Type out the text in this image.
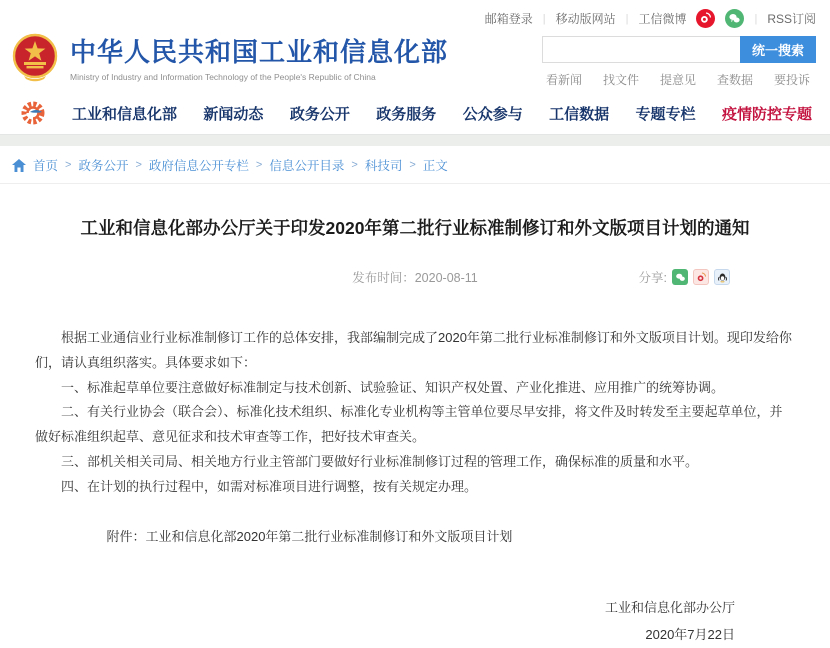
邮箱登录 | 移动版网站 | 工信微博	| RSS订阅
中华人民共和国工业和信息化部
Ministry of Industry and Information Technology of the People's Republic of China
统一搜索
看新闻 找文件 提意见 查数据 要投诉
工业和信息化部 新闻动态 政务公开 政务服务 公众参与 工信数据 专题专栏 疫情防控专题
首页 > 政务公开 > 政府信息公开专栏 > 信息公开目录 > 科技司 > 正文
工业和信息化部办公厅关于印发2020年第二批行业标准制修订和外文版项目计划的通知
发布时间：2020-08-11	分享:

根据工业通信业行业标准制修订工作的总体安排，我部编制完成了2020年第二批行业标准制修订和外文版项目计划。现印发给你们，请认真组织落实。具体要求如下：

一、标准起草单位要注意做好标准制定与技术创新、试验验证、知识产权处置、产业化推进、应用推广的统筹协调。

二、有关行业协会（联合会）、标准化技术组织、标准化专业机构等主管单位要尽早安排，将文件及时转发至主要起草单位，并做好标准组织起草、意见征求和技术审查等工作，把好技术审查关。

三、部机关相关司局、相关地方行业主管部门要做好行业标准制修订过程的管理工作，确保标准的质量和水平。

四、在计划的执行过程中，如需对标准项目进行调整，按有关规定办理。

附件：工业和信息化部2020年第二批行业标准制修订和外文版项目计划
工业和信息化部办公厅
2020年7月22日
